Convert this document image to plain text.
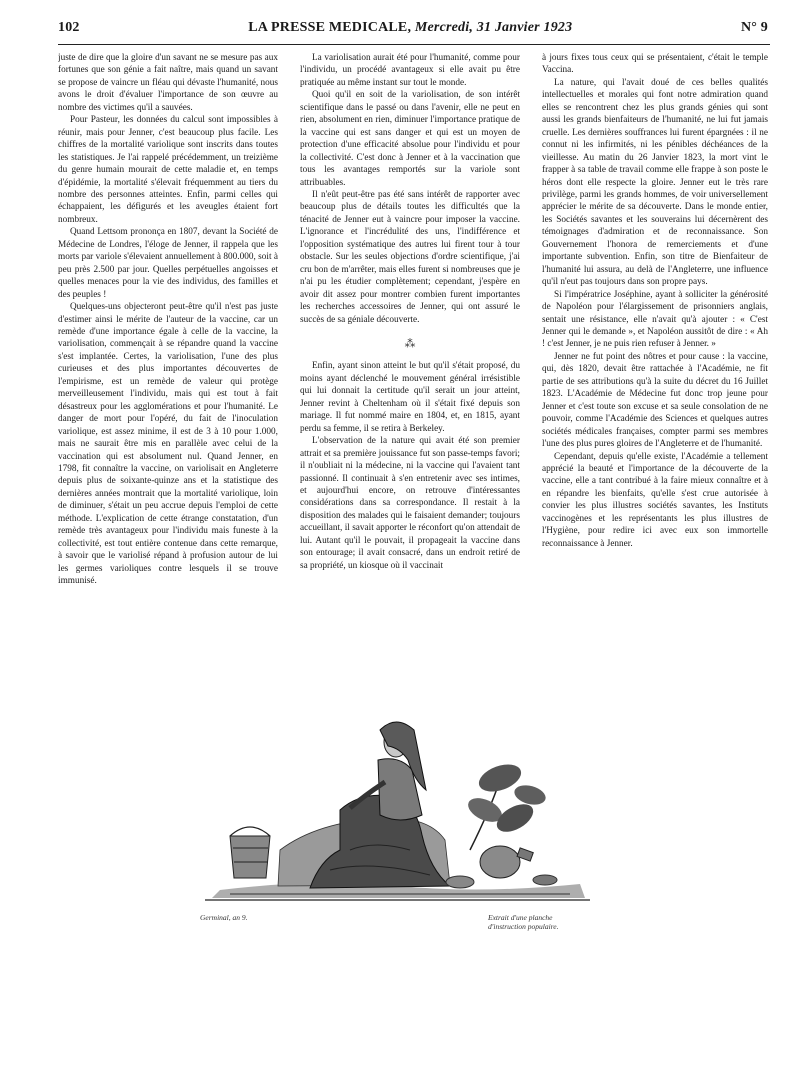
102	LA PRESSE MEDICALE, Mercredi, 31 Janvier 1923	N° 9

juste de dire que la gloire d'un savant ne se mesure pas aux fortunes que son génie a fait naître, mais quand un savant se propose de vaincre un fléau qui dévaste l'humanité, nous avons le droit d'évaluer l'importance de son œuvre au nombre des victimes qu'il a sauvées.

Pour Pasteur, les données du calcul sont impossibles à réunir, mais pour Jenner, c'est beaucoup plus facile. Les chiffres de la mortalité variolique sont inscrits dans toutes les statistiques. Je l'ai rappelé précédemment, un treizième du genre humain mourait de cette maladie et, en temps d'épidémie, la mortalité s'élevait fréquemment au tiers du nombre des personnes atteintes. Enfin, parmi celles qui échappaient, les défigurés et les aveugles étaient fort nombreux.

Quand Lettsom prononça en 1807, devant la Société de Médecine de Londres, l'éloge de Jenner, il rappela que les morts par variole s'élevaient annuellement à 800.000, soit à peu près 2.500 par jour. Quelles perpétuelles angoisses et quelles menaces pour la vie des individus, des familles et des peuples !

Quelques-uns objecteront peut-être qu'il n'est pas juste d'estimer ainsi le mérite de l'auteur de la vaccine, car un remède d'une importance égale à celle de la vaccine, la variolisation, commençait à se répandre quand la vaccine s'est implantée. Certes, la variolisation, l'une des plus curieuses et des plus importantes découvertes de l'empirisme, est un remède de valeur qui protège merveilleusement l'individu, mais qui est tout à fait désastreux pour les agglomérations et pour l'humanité. Le danger de mort pour l'opéré, du fait de l'inoculation variolique, est assez minime, il est de 3 à 10 pour 1.000, mais ne saurait être mis en parallèle avec celui de la vaccination qui est absolument nul. Quand Jenner, en 1798, fit connaître la vaccine, on variolisait en Angleterre depuis plus de soixante-quinze ans et la statistique des dernières années montrait que la mortalité variolique, loin de diminuer, s'était un peu accrue depuis l'emploi de cette méthode. L'explication de cette étrange constatation, d'un remède très avantageux pour l'individu mais funeste à la collectivité, est tout entière contenue dans cette remarque, à savoir que le variolisé répand à profusion autour de lui les germes varioliques contre lesquels il se trouve immunisé.

La variolisation aurait été pour l'humanité, comme pour l'individu, un procédé avantageux si elle avait pu être pratiquée au même instant sur tout le monde.

Quoi qu'il en soit de la variolisation, de son intérêt scientifique dans le passé ou dans l'avenir, elle ne peut en rien, absolument en rien, diminuer l'importance pratique de la vaccine qui est sans danger et qui est un moyen de protection d'une efficacité absolue pour l'individu et pour la collectivité. C'est donc à Jenner et à la vaccination que tous les avantages remportés sur la variole sont attribuables.

Il n'eût peut-être pas été sans intérêt de rapporter avec beaucoup plus de détails toutes les difficultés que la ténacité de Jenner eut à vaincre pour imposer la vaccine. L'ignorance et l'incrédulité des uns, l'indifférence et l'opposition systématique des autres lui firent tour à tour obstacle. Sur les seules objections d'ordre scientifique, j'ai cru bon de m'arrêter, mais elles furent si nombreuses que je n'ai pu les étudier complètement; cependant, j'espère en avoir dit assez pour montrer combien furent importantes les recherches accessoires de Jenner, qui ont assuré le succès de sa géniale découverte.

⁂

Enfin, ayant sinon atteint le but qu'il s'était proposé, du moins ayant déclenché le mouvement général irrésistible qui lui donnait la certitude qu'il serait un jour atteint, Jenner revint à Cheltenham où il s'était fixé depuis son mariage. Il fut nommé maire en 1804, et, en 1815, ayant perdu sa femme, il se retira à Berkeley.

L'observation de la nature qui avait été son premier attrait et sa première jouissance fut son passe-temps favori; il n'oubliait ni la médecine, ni la vaccine qui l'avaient tant passionné. Il continuait à s'en entretenir avec ses intimes, et aujourd'hui encore, on retrouve d'intéressantes considérations dans sa correspondance. Il restait à la disposition des malades qui le faisaient demander; toujours accueillant, il savait apporter le réconfort qu'on attendait de lui. Autant qu'il le pouvait, il propageait la vaccine dans son entourage; il avait consacré, dans un endroit retiré de sa propriété, un kiosque où il vaccinait

à jours fixes tous ceux qui se présentaient, c'était le temple Vaccina.

La nature, qui l'avait doué de ces belles qualités intellectuelles et morales qui font notre admiration quand elles se rencontrent chez les plus grands génies qui sont aussi les grands bienfaiteurs de l'humanité, ne lui fut jamais cruelle. Les dernières souffrances lui furent épargnées : il ne connut ni les infirmités, ni les pénibles déchéances de la vieillesse. Au matin du 26 Janvier 1823, la mort vint le frapper à sa table de travail comme elle frappe à son poste le héros dont elle respecte la gloire. Jenner eut le très rare privilège, parmi les grands hommes, de voir universellement apprécier le mérite de sa découverte. Dans le monde entier, les Sociétés savantes et les souverains lui décernèrent des témoignages d'admiration et de reconnaissance. Son Gouvernement l'honora de remerciements et d'une importante subvention. Enfin, son titre de Bienfaiteur de l'humanité lui assura, au delà de l'Angleterre, une influence qu'il n'eut pas toujours dans son propre pays.

Si l'impératrice Joséphine, ayant à solliciter la générosité de Napoléon pour l'élargissement de prisonniers anglais, sentait une résistance, elle n'avait qu'à ajouter : « C'est Jenner qui le demande », et Napoléon aussitôt de dire : « Ah ! c'est Jenner, je ne puis rien refuser à Jenner. »

Jenner ne fut point des nôtres et pour cause : la vaccine, qui, dès 1820, devait être rattachée à l'Académie, ne fit partie de ses attributions qu'à la suite du décret du 16 Juillet 1823. L'Académie de Médecine fut donc trop jeune pour Jenner et c'est toute son excuse et sa seule consolation de ne pouvoir, comme l'Académie des Sciences et quelques autres sociétés médicales françaises, compter parmi ses membres l'une des plus pures gloires de l'Angleterre et de l'humanité.

Cependant, depuis qu'elle existe, l'Académie a tellement apprécié la beauté et l'importance de la découverte de la vaccine, elle a tant contribué à la faire mieux connaître et à en répandre les bienfaits, qu'elle s'est crue autorisée à convier les plus illustres sociétés savantes, les Instituts vaccinogènes et les représentants les plus illustres de l'Hygiène, pour redire ici avec eux son immortelle reconnaissance à Jenner.

Germinal, an 9.	Extrait d'une planche
d'instruction populaire.
